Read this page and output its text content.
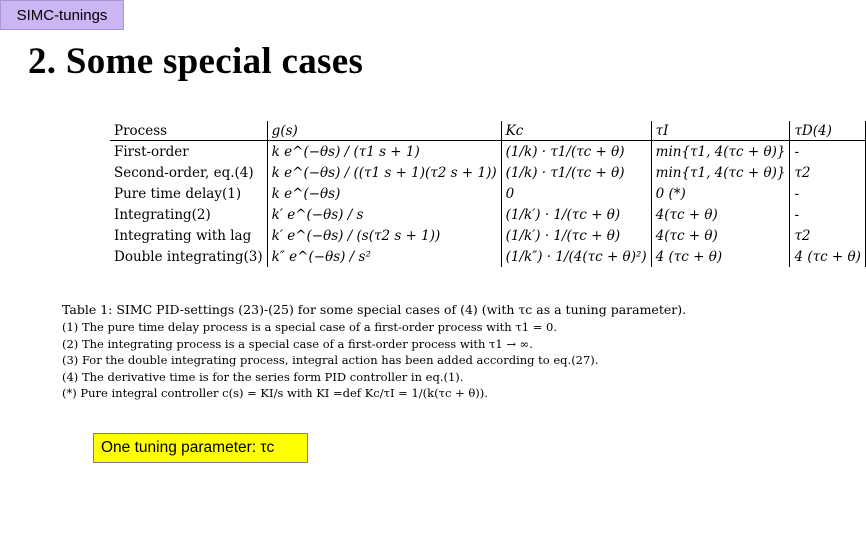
SIMC-tunings
2. Some special cases
Process	g(s)	Kc	τI	τD(4)
First-order	k e^(−θs) / (τ1 s + 1)	(1/k) · τ1/(τc + θ)	min{τ1, 4(τc + θ)}	-
Second-order, eq.(4)	k e^(−θs) / ((τ1 s + 1)(τ2 s + 1))	(1/k) · τ1/(τc + θ)	min{τ1, 4(τc + θ)}	τ2
Pure time delay(1)	k e^(−θs)	0	0 (*)	-
Integrating(2)	k′ e^(−θs) / s	(1/k′) · 1/(τc + θ)	4(τc + θ)	-
Integrating with lag	k′ e^(−θs) / (s(τ2 s + 1))	(1/k′) · 1/(τc + θ)	4(τc + θ)	τ2
Double integrating(3)	k″ e^(−θs) / s²	(1/k″) · 1/(4(τc + θ)²)	4 (τc + θ)	4 (τc + θ)
Table 1: SIMC PID-settings (23)-(25) for some special cases of (4) (with τc as a tuning parameter).
(1) The pure time delay process is a special case of a first-order process with τ1 = 0.
(2) The integrating process is a special case of a first-order process with τ1 → ∞.
(3) For the double integrating process, integral action has been added according to eq.(27).
(4) The derivative time is for the series form PID controller in eq.(1).
(*) Pure integral controller c(s) = KI/s with KI =def Kc/τI = 1/(k(τc + θ)).
One tuning parameter: τc
